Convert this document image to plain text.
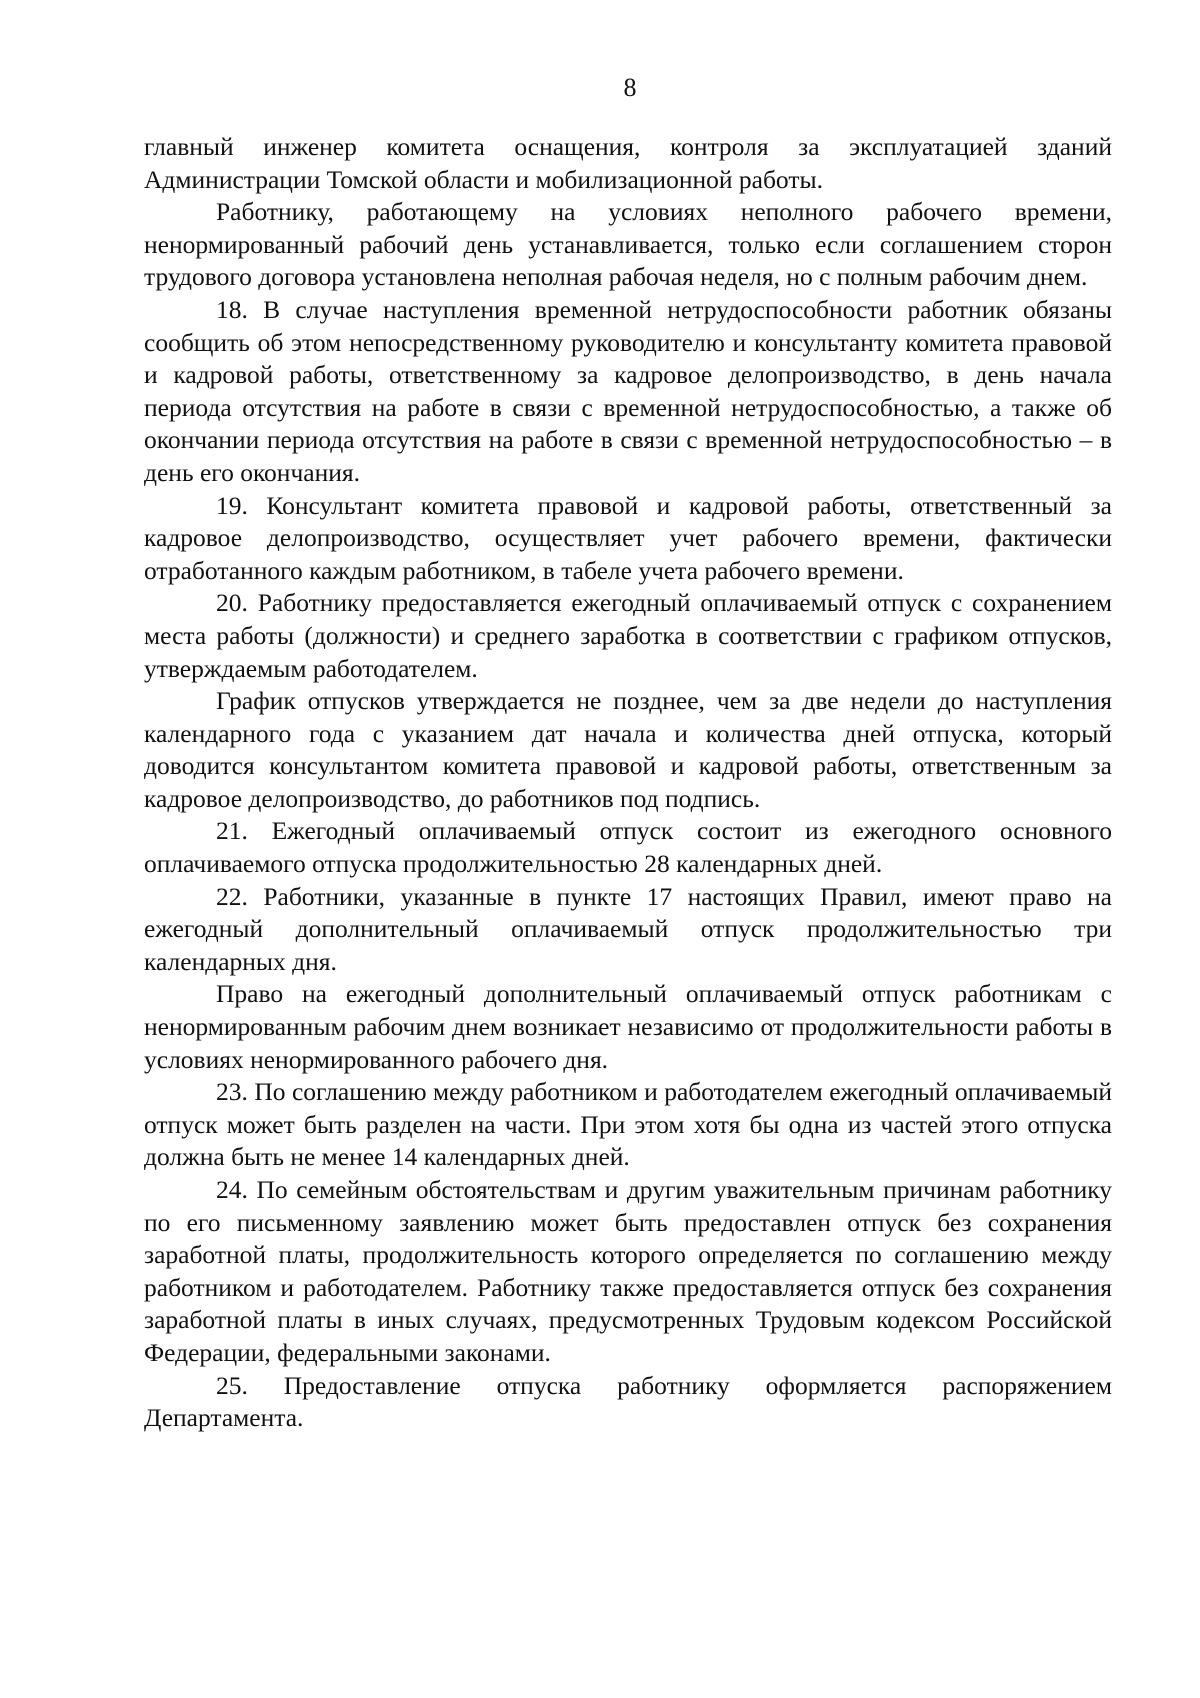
8

главный инженер комитета оснащения, контроля за эксплуатацией зданий Администрации Томской области и мобилизационной работы.

Работнику, работающему на условиях неполного рабочего времени, ненормированный рабочий день устанавливается, только если соглашением сторон трудового договора установлена неполная рабочая неделя, но с полным рабочим днем.

18. В случае наступления временной нетрудоспособности работник обязаны сообщить об этом непосредственному руководителю и консультанту комитета правовой и кадровой работы, ответственному за кадровое делопроизводство, в день начала периода отсутствия на работе в связи с временной нетрудоспособностью, а также об окончании периода отсутствия на работе в связи с временной нетрудоспособностью – в день его окончания.

19. Консультант комитета правовой и кадровой работы, ответственный за кадровое делопроизводство, осуществляет учет рабочего времени, фактически отработанного каждым работником, в табеле учета рабочего времени.

20. Работнику предоставляется ежегодный оплачиваемый отпуск с сохранением места работы (должности) и среднего заработка в соответствии с графиком отпусков, утверждаемым работодателем.

График отпусков утверждается не позднее, чем за две недели до наступления календарного года с указанием дат начала и количества дней отпуска, который доводится консультантом комитета правовой и кадровой работы, ответственным за кадровое делопроизводство, до работников под подпись.

21. Ежегодный оплачиваемый отпуск состоит из ежегодного основного оплачиваемого отпуска продолжительностью 28 календарных дней.

22. Работники, указанные в пункте 17 настоящих Правил, имеют право на ежегодный дополнительный оплачиваемый отпуск продолжительностью три календарных дня.

Право на ежегодный дополнительный оплачиваемый отпуск работникам с ненормированным рабочим днем возникает независимо от продолжительности работы в условиях ненормированного рабочего дня.

23. По соглашению между работником и работодателем ежегодный оплачиваемый отпуск может быть разделен на части. При этом хотя бы одна из частей этого отпуска должна быть не менее 14 календарных дней.

24. По семейным обстоятельствам и другим уважительным причинам работнику по его письменному заявлению может быть предоставлен отпуск без сохранения заработной платы, продолжительность которого определяется по соглашению между работником и работодателем. Работнику также предоставляется отпуск без сохранения заработной платы в иных случаях, предусмотренных Трудовым кодексом Российской Федерации, федеральными законами.

25. Предоставление отпуска работнику оформляется распоряжением Департамента.
